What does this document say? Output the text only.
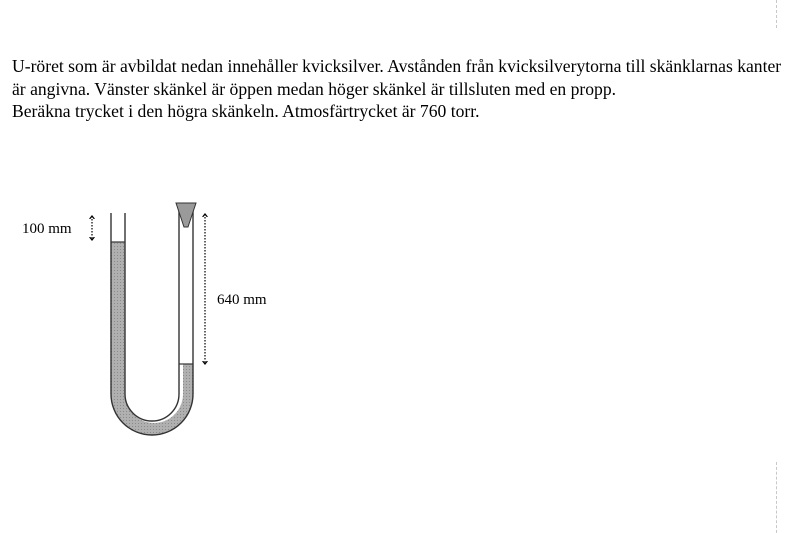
U-röret som är avbildat nedan innehåller kvicksilver. Avstånden från kvicksilverytorna till skänklarnas kanter är angivna. Vänster skänkel är öppen medan höger skänkel är tillsluten med en propp.

Beräkna trycket i den högra skänkeln. Atmosfärtrycket är 760 torr.

100 mm
640 mm
